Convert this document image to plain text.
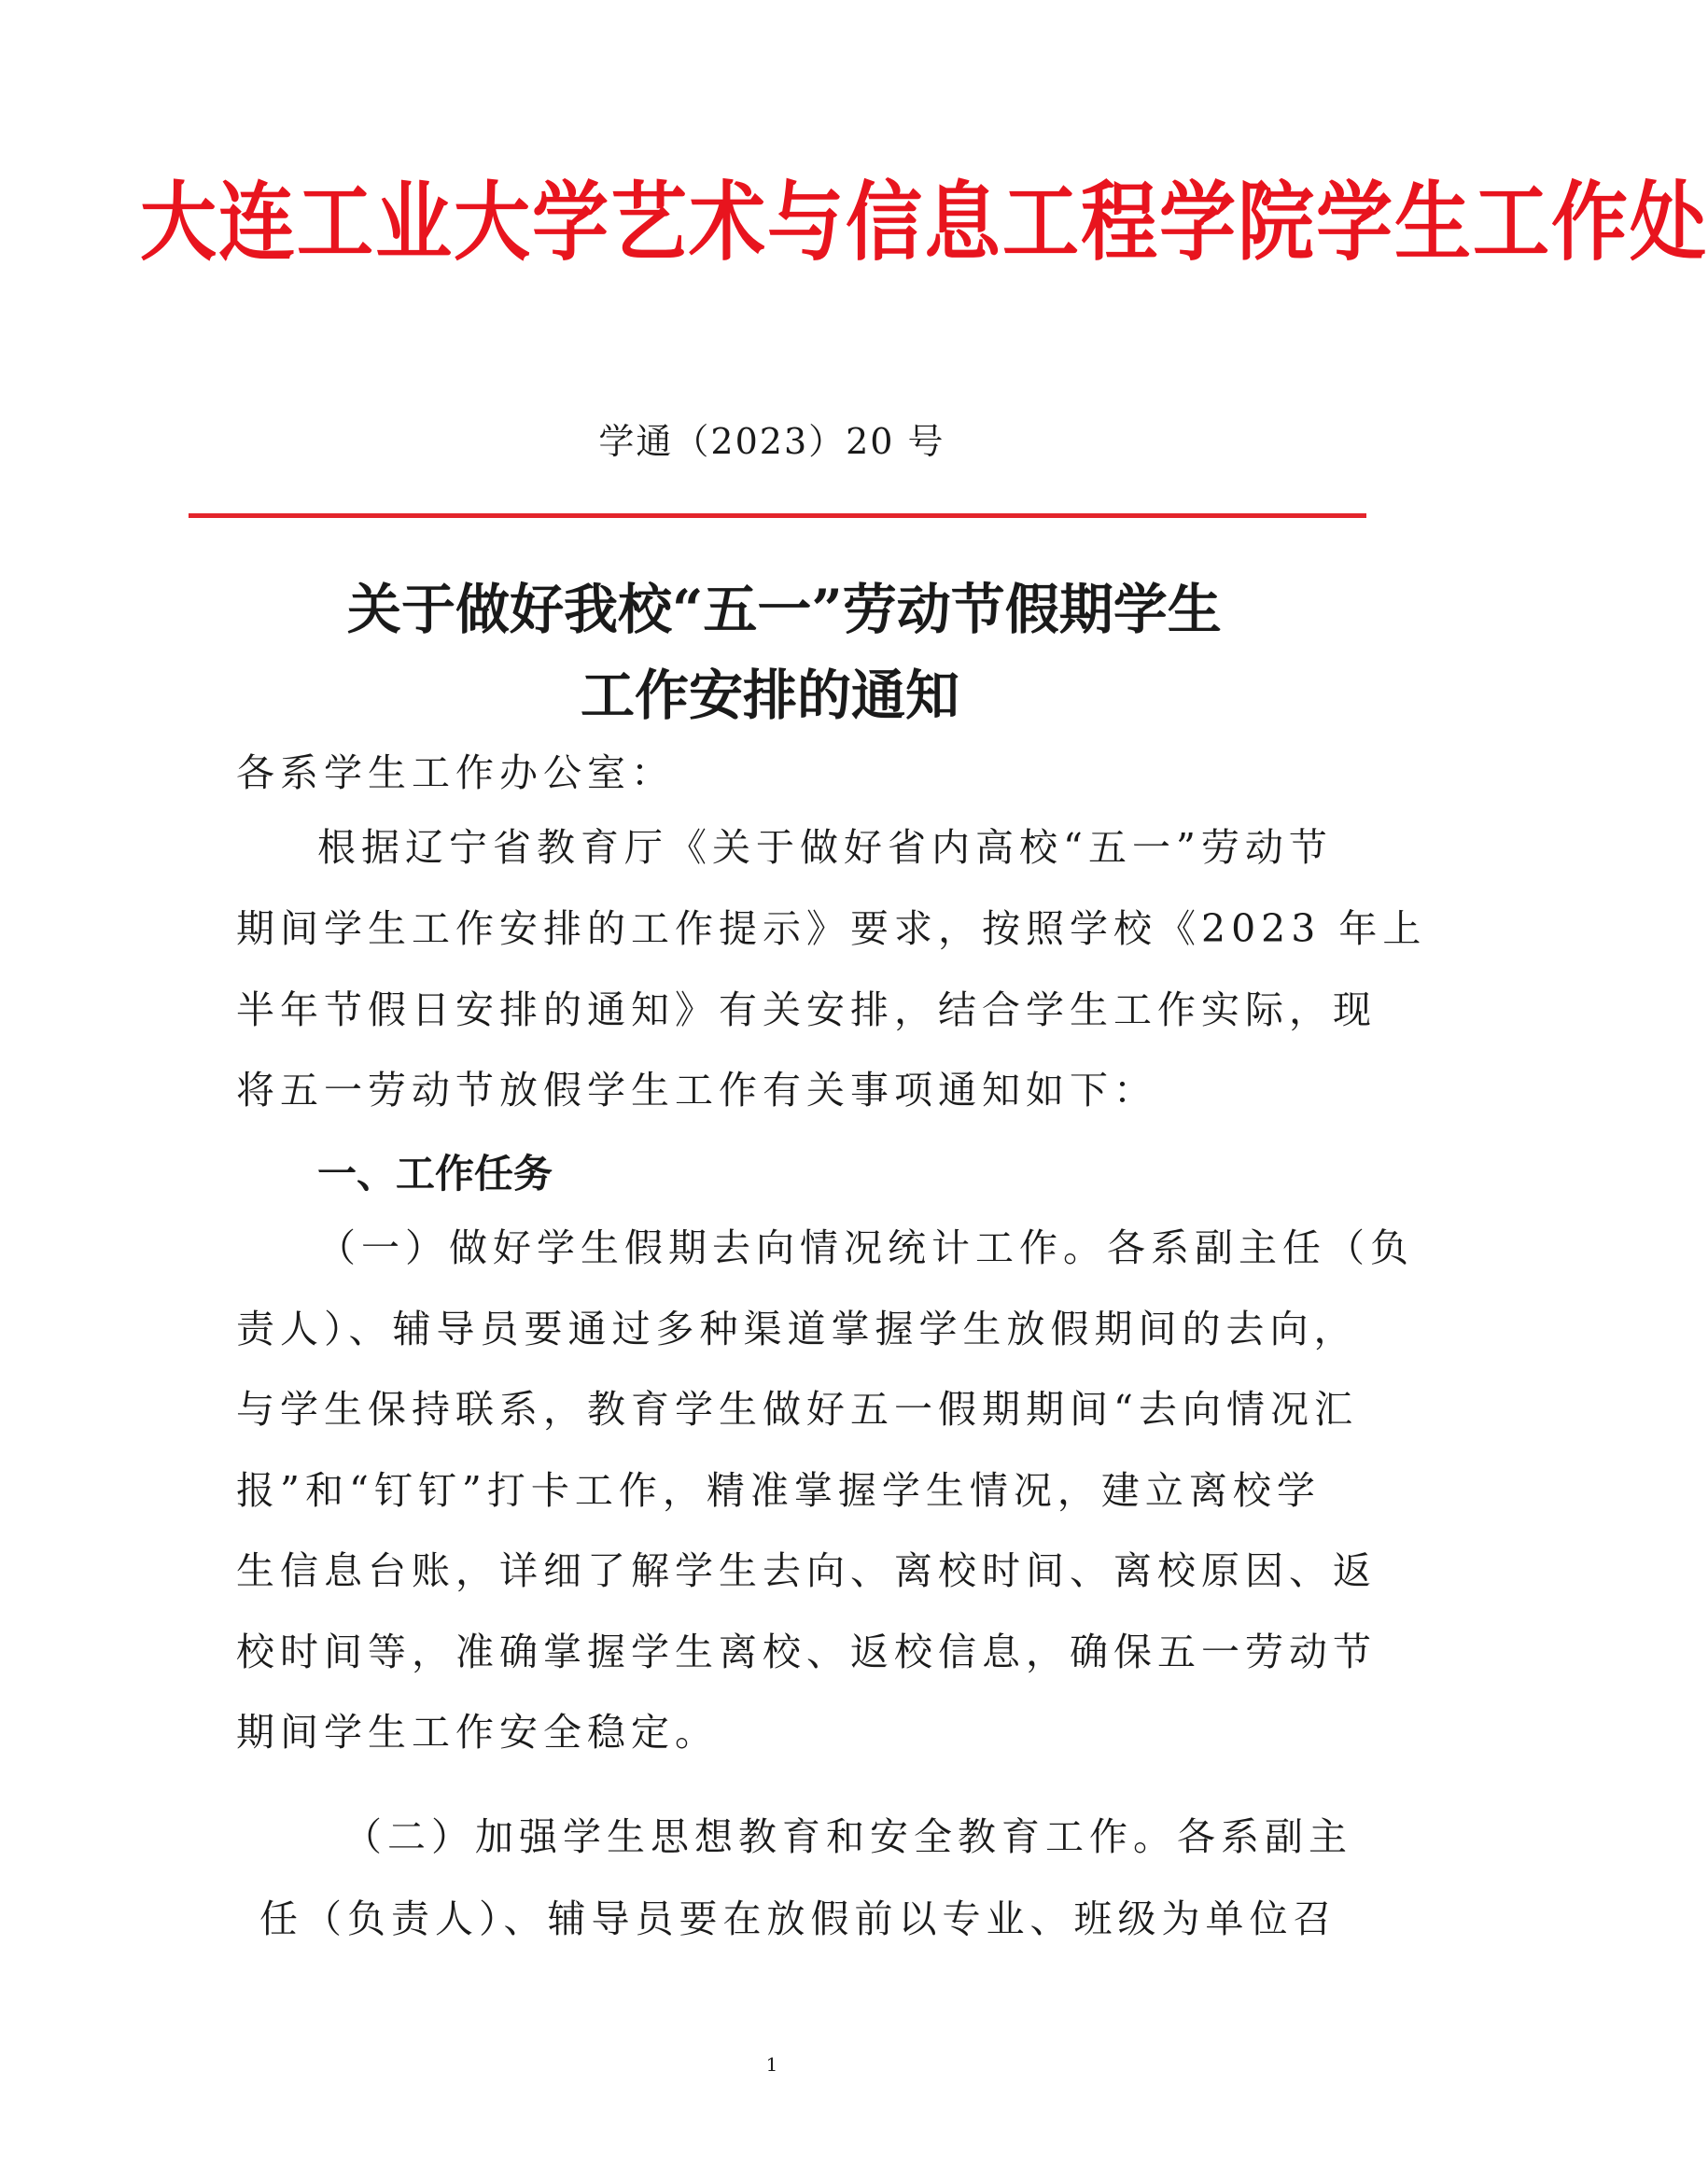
大连工业大学艺术与信息工程学院学生工作处
学通（2023）20 号
关于做好我校“五一”劳动节假期学生
工作安排的通知
各系学生工作办公室：
根据辽宁省教育厅《关于做好省内高校“五一”劳动节
期间学生工作安排的工作提示》要求，按照学校《2023 年上
半年节假日安排的通知》有关安排，结合学生工作实际，现
将五一劳动节放假学生工作有关事项通知如下：
一、工作任务
（一）做好学生假期去向情况统计工作。各系副主任（负
责人）、辅导员要通过多种渠道掌握学生放假期间的去向，
与学生保持联系，教育学生做好五一假期期间“去向情况汇
报”和“钉钉”打卡工作，精准掌握学生情况，建立离校学
生信息台账，详细了解学生去向、离校时间、离校原因、返
校时间等，准确掌握学生离校、返校信息，确保五一劳动节
期间学生工作安全稳定。
（二）加强学生思想教育和安全教育工作。各系副主
任（负责人）、辅导员要在放假前以专业、班级为单位召
1
